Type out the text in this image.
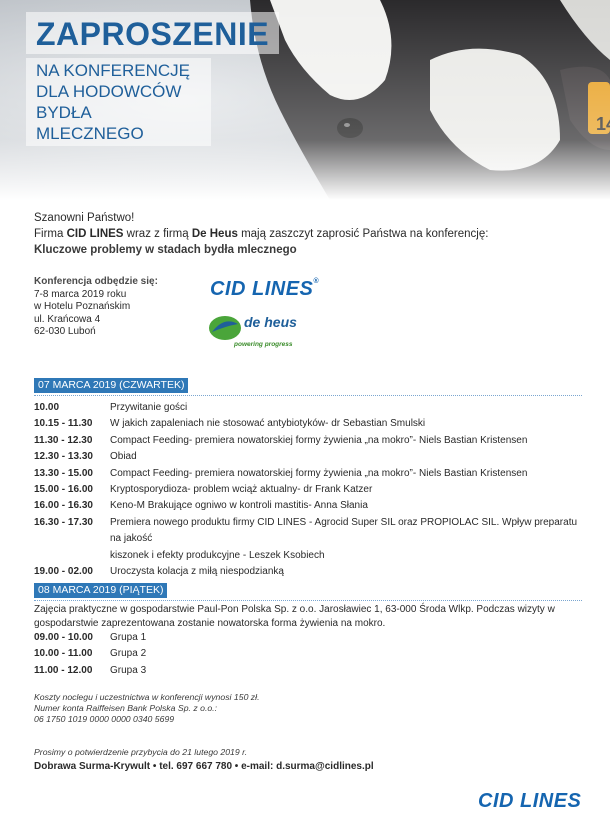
ZAPROSZENIE
NA KONFERENCJĘ
DLA HODOWCÓW
BYDŁA MLECZNEGO
Szanowni Państwo!
Firma CID LINES wraz z firmą De Heus mają zaszczyt zaprosić Państwa na konferencję:
Kluczowe problemy w stadach bydła mlecznego
Konferencja odbędzie się:
7-8 marca 2019 roku
w Hotelu Poznańskim
ul. Krańcowa 4
62-030 Luboń
CID LINES®
de heus
powering progress
07 MARCA 2019 (CZWARTEK)
10.00	Przywitanie gości
10.15 - 11.30	W jakich zapaleniach nie stosować antybiotyków- dr Sebastian Smulski
11.30 - 12.30	Compact Feeding- premiera nowatorskiej formy żywienia „na mokro”- Niels Bastian Kristensen
12.30 - 13.30	Obiad
13.30 - 15.00	Compact Feeding- premiera nowatorskiej formy żywienia „na mokro”- Niels Bastian Kristensen
15.00 - 16.00	Kryptosporydioza- problem wciąż aktualny- dr Frank Katzer
16.00 - 16.30	Keno-M Brakujące ogniwo w kontroli mastitis- Anna Słania
16.30 - 17.30	Premiera nowego produktu firmy CID LINES - Agrocid Super SIL oraz PROPIOLAC SIL. Wpływ preparatu na jakość
kiszonek i efekty produkcyjne - Leszek Ksobiech
19.00 - 02.00	Uroczysta kolacja z miłą niespodzianką
08 MARCA 2019 (PIĄTEK)
Zajęcia praktyczne w gospodarstwie Paul-Pon Polska Sp. z o.o. Jarosławiec 1, 63-000 Środa Wlkp. Podczas wizyty w gospodarstwie zaprezentowana zostanie nowatorska forma żywienia na mokro.
09.00 - 10.00	Grupa 1
10.00 - 11.00	Grupa 2
11.00 - 12.00	Grupa 3
Koszty noclegu i uczestnictwa w konferencji wynosi 150 zł.
Numer konta Raiffeisen Bank Polska Sp. z o.o.:
06 1750 1019 0000 0000 0340 5699
Prosimy o potwierdzenie przybycia do 21 lutego 2019 r.
Dobrawa Surma-Krywult • tel. 697 667 780 • e-mail: d.surma@cidlines.pl
CID LINES
